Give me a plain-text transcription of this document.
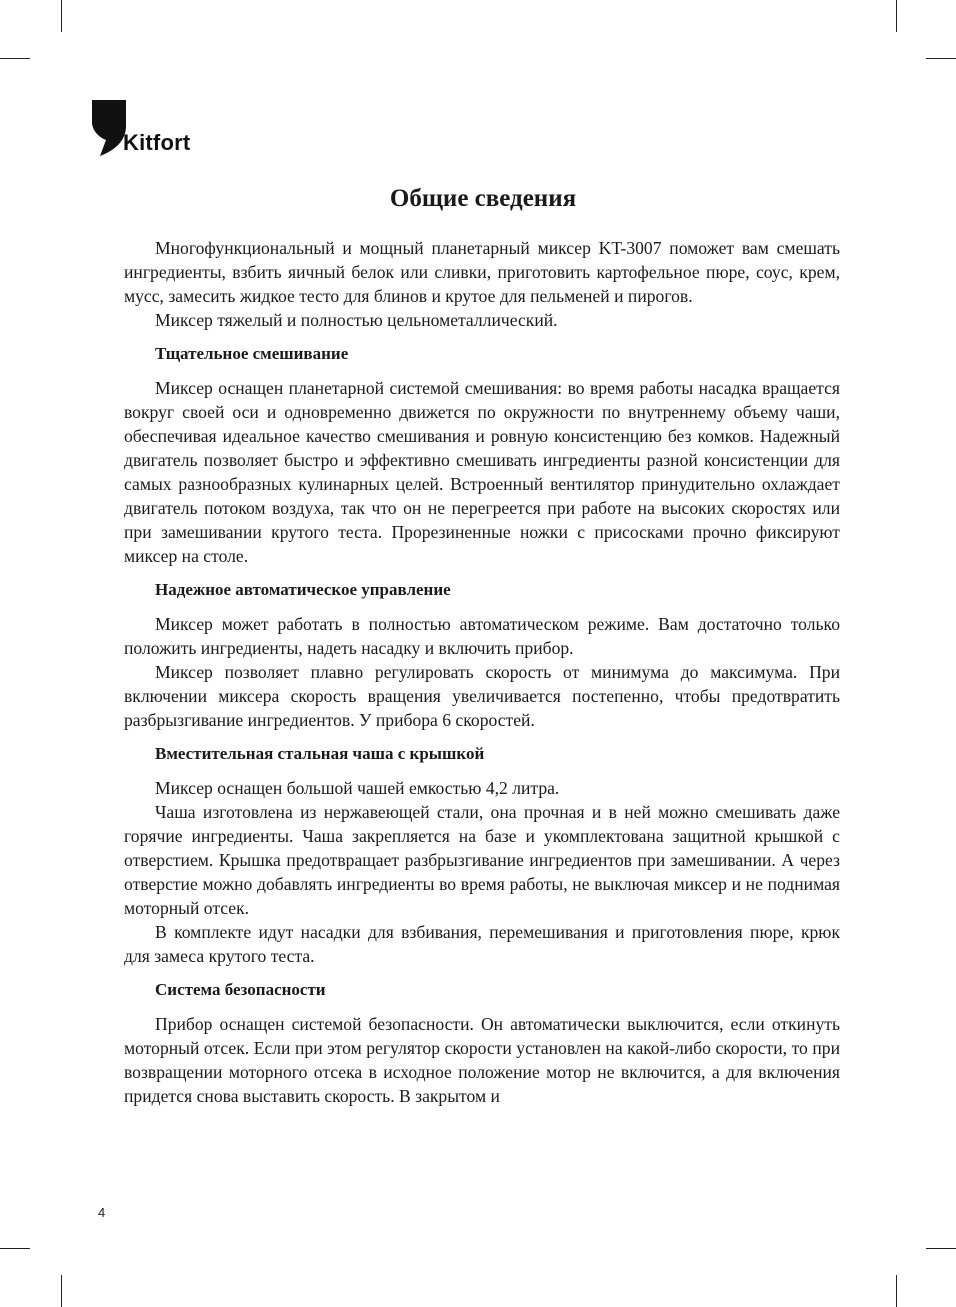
Kitfort
Общие сведения

Многофункциональный и мощный планетарный миксер KT-3007 поможет вам смешать ингредиенты, взбить яичный белок или сливки, приготовить картофельное пюре, соус, крем, мусс, замесить жидкое тесто для блинов и крутое для пельменей и пирогов.

Миксер тяжелый и полностью цельнометаллический.

Тщательное смешивание

Миксер оснащен планетарной системой смешивания: во время работы насадка вращается вокруг своей оси и одновременно движется по окружности по внутреннему объему чаши, обеспечивая идеальное качество смешивания и ровную консистенцию без комков. Надежный двигатель позволяет быстро и эффективно смешивать ингредиенты разной консистенции для самых разнообразных кулинарных целей. Встроенный вентилятор принудительно охлаждает двигатель потоком воздуха, так что он не перегреется при работе на высоких скоростях или при замешивании крутого теста. Прорезиненные ножки с присосками прочно фиксируют миксер на столе.

Надежное автоматическое управление

Миксер может работать в полностью автоматическом режиме. Вам достаточно только положить ингредиенты, надеть насадку и включить прибор.

Миксер позволяет плавно регулировать скорость от минимума до максимума. При включении миксера скорость вращения увеличивается постепенно, чтобы предотвратить разбрызгивание ингредиентов. У прибора 6 скоростей.

Вместительная стальная чаша с крышкой

Миксер оснащен большой чашей емкостью 4,2 литра.

Чаша изготовлена из нержавеющей стали, она прочная и в ней можно смешивать даже горячие ингредиенты. Чаша закрепляется на базе и укомплектована защитной крышкой с отверстием. Крышка предотвращает разбрызгивание ингредиентов при замешивании. А через отверстие можно добавлять ингредиенты во время работы, не выключая миксер и не поднимая моторный отсек.

В комплекте идут насадки для взбивания, перемешивания и приготовления пюре, крюк для замеса крутого теста.

Система безопасности

Прибор оснащен системой безопасности. Он автоматически выключится, если откинуть моторный отсек. Если при этом регулятор скорости установлен на какой-либо скорости, то при возвращении моторного отсека в исходное положение мотор не включится, а для включения придется снова выставить скорость. В закрытом и

4
